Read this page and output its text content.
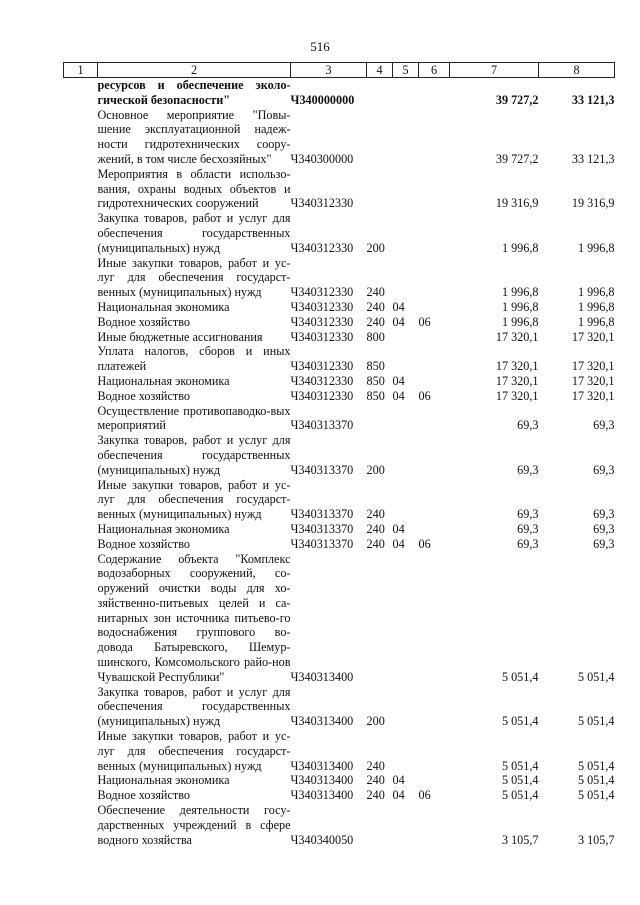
516
1	2	3	4	5	6	7	8
	ресурсов и обеспечение эколо-гической безопасности"	Ч340000000				39 727,2	33 121,3
	Основное мероприятие "Повы-шение эксплуатационной надеж-ности гидротехнических соору-жений, в том числе бесхозяйных"	Ч340300000				39 727,2	33 121,3
	Мероприятия в области использо-вания, охраны водных объектов и гидротехнических сооружений	Ч340312330				19 316,9	19 316,9
	Закупка товаров, работ и услуг для обеспечения государственных (муниципальных) нужд	Ч340312330	200			1 996,8	1 996,8
	Иные закупки товаров, работ и ус-луг для обеспечения государст-венных (муниципальных) нужд	Ч340312330	240			1 996,8	1 996,8
	Национальная экономика	Ч340312330	240	04		1 996,8	1 996,8
	Водное хозяйство	Ч340312330	240	04	06	1 996,8	1 996,8
	Иные бюджетные ассигнования	Ч340312330	800			17 320,1	17 320,1
	Уплата налогов, сборов и иных платежей	Ч340312330	850			17 320,1	17 320,1
	Национальная экономика	Ч340312330	850	04		17 320,1	17 320,1
	Водное хозяйство	Ч340312330	850	04	06	17 320,1	17 320,1
	Осуществление противопаводко-вых мероприятий	Ч340313370				69,3	69,3
	Закупка товаров, работ и услуг для обеспечения государственных (муниципальных) нужд	Ч340313370	200			69,3	69,3
	Иные закупки товаров, работ и ус-луг для обеспечения государст-венных (муниципальных) нужд	Ч340313370	240			69,3	69,3
	Национальная экономика	Ч340313370	240	04		69,3	69,3
	Водное хозяйство	Ч340313370	240	04	06	69,3	69,3
	Содержание объекта "Комплекс водозаборных сооружений, со-оружений очистки воды для хо-зяйственно-питьевых целей и са-нитарных зон источника питьево-го водоснабжения группового во-довода Батыревского, Шемур-шинского, Комсомольского райо-нов Чувашской Республики"	Ч340313400				5 051,4	5 051,4
	Закупка товаров, работ и услуг для обеспечения государственных (муниципальных) нужд	Ч340313400	200			5 051,4	5 051,4
	Иные закупки товаров, работ и ус-луг для обеспечения государст-венных (муниципальных) нужд	Ч340313400	240			5 051,4	5 051,4
	Национальная экономика	Ч340313400	240	04		5 051,4	5 051,4
	Водное хозяйство	Ч340313400	240	04	06	5 051,4	5 051,4
	Обеспечение деятельности госу-дарственных учреждений в сфере водного хозяйства	Ч340340050				3 105,7	3 105,7
